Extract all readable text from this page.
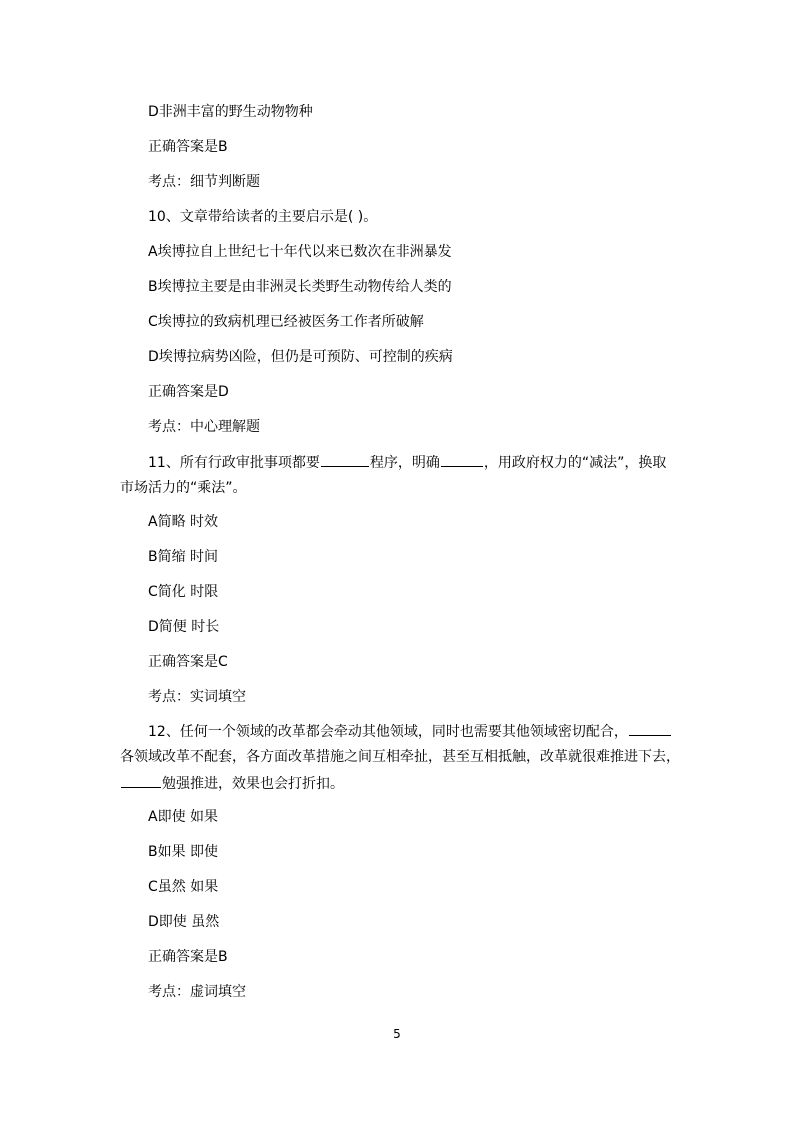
D非洲丰富的野生动物物种
正确答案是B
考点：细节判断题
10、文章带给读者的主要启示是( )。
A埃博拉自上世纪七十年代以来已数次在非洲暴发
B埃博拉主要是由非洲灵长类野生动物传给人类的
C埃博拉的致病机理已经被医务工作者所破解
D埃博拉病势凶险，但仍是可预防、可控制的疾病
正确答案是D
考点：中心理解题
11、所有行政审批事项都要	程序，明确	，用政府权力的“减法”，换取
市场活力的“乘法”。
A简略 时效
B简缩 时间
C简化 时限
D简便 时长
正确答案是C
考点：实词填空
12、任何一个领域的改革都会牵动其他领域，同时也需要其他领域密切配合，
各领域改革不配套，各方面改革措施之间互相牵扯，甚至互相抵触，改革就很难推进下去，
勉强推进，效果也会打折扣。
A即使 如果
B如果 即使
C虽然 如果
D即使 虽然
正确答案是B
考点：虚词填空
5
